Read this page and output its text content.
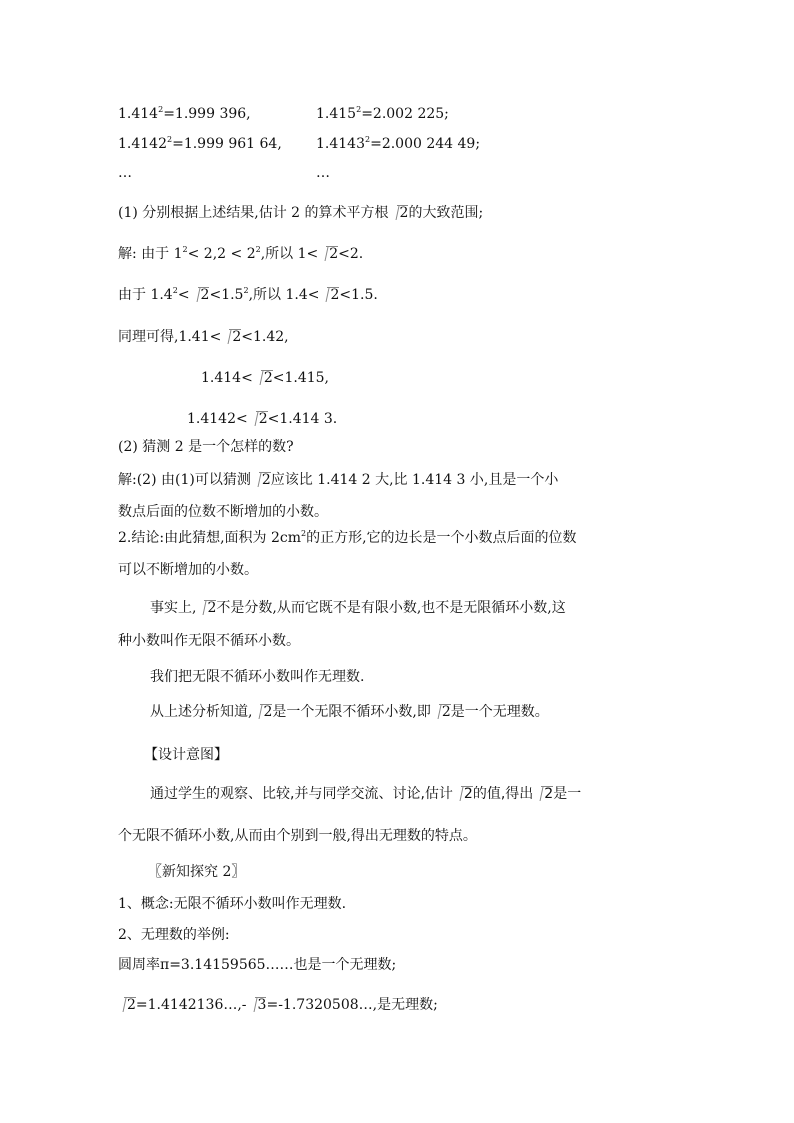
$1.414^2=1.999$ 396,	$1.415^2=2.002$ 225;
$1.4142^2=1.999$ 961 64, $1.4143^2=2.000$ 244 49;
…	…
(1) 分别根据上述结果,估计 2 的算术平方根 2的大致范围;
解: 由于 $1^2< 2,2 < 2^2$,所以 1< 2<2.
由于 $1.4^2< 2<1.5^2$,所以 1.4< 2<1.5.
同理可得,1.41< 2<1.42,
1.414< 2<1.415,
1.4142< 2<1.414 3.
(2) 猜测 2 是一个怎样的数?
解:(2) 由(1)可以猜测 2应该比 1.414 2 大,比 1.414 3 小,且是一个小
数点后面的位数不断增加的小数。
2.结论:由此猜想,面积为 $2cm^2$的正方形,它的边长是一个小数点后面的位数
可以不断增加的小数。
事实上, 2不是分数,从而它既不是有限小数,也不是无限循环小数,这
种小数叫作无限不循环小数。
我们把无限不循环小数叫作无理数.
从上述分析知道, 2是一个无限不循环小数,即 2是一个无理数。
【设计意图】
通过学生的观察、比较,并与同学交流、讨论,估计 2的值,得出 2是一
个无限不循环小数,从而由个别到一般,得出无理数的特点。
〖新知探究 2〗
1、概念:无限不循环小数叫作无理数.
2、无理数的举例:
圆周率π=3.14159565……也是一个无理数;
2=1.4142136…,- 3=-1.7320508…,是无理数;
